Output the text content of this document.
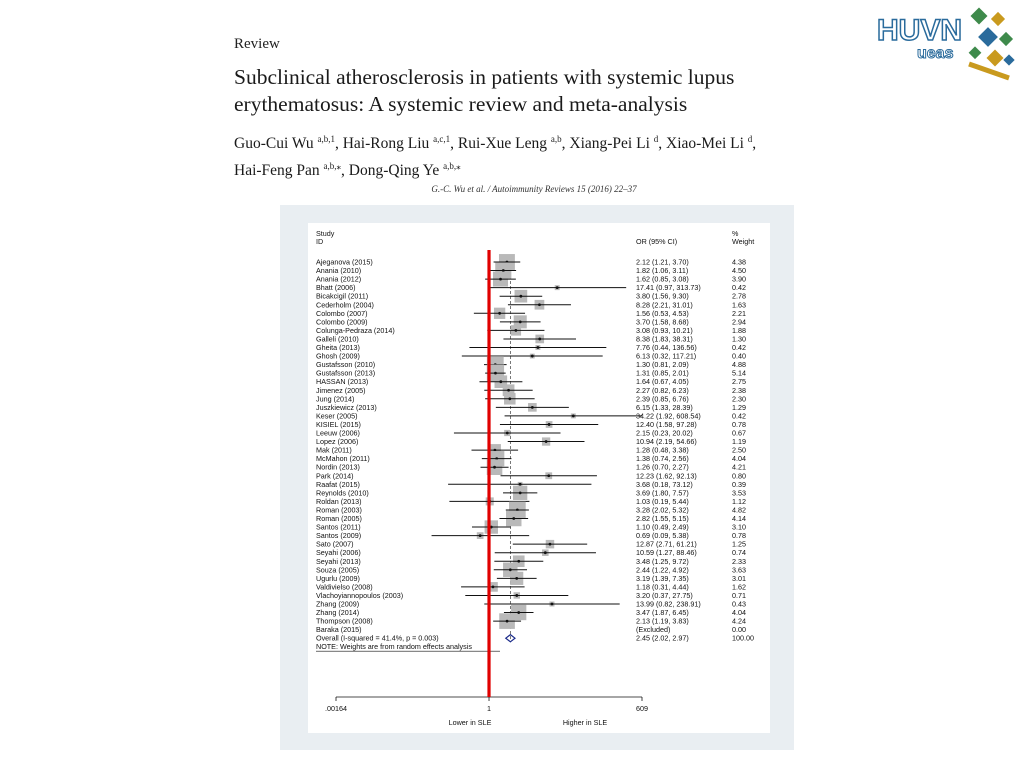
Review
Subclinical atherosclerosis in patients with systemic lupus erythematosus: A systemic review and meta-analysis
Guo-Cui Wu $^{a,b,1}$, Hai-Rong Liu $^{a,c,1}$, Rui-Xue Leng $^{a,b}$, Xiang-Pei Li $^d$, Xiao-Mei Li $^d$,
Hai-Feng Pan $^{a,b,⁎}$, Dong-Qing Ye $^{a,b,⁎}$
G.-C. Wu et al. / Autoimmunity Reviews 15 (2016) 22–37
HUVN
ueas
Study
ID	OR (95% CI)
%
Weight
Ajeganova (2015)	2.12 (1.21, 3.70)	4.38
Anania (2010)	1.82 (1.06, 3.11)	4.50
Anania (2012)	1.62 (0.85, 3.08)	3.90
Bhatt (2006)	17.41 (0.97, 313.73)	0.42
Bicakcigil (2011)	3.80 (1.56, 9.30)	2.78
Cederholm (2004)	8.28 (2.21, 31.01)	1.63
Colombo (2007)	1.56 (0.53, 4.53)	2.21
Colombo (2009)	3.70 (1.58, 8.68)	2.94
Colunga-Pedraza (2014)	3.08 (0.93, 10.21)	1.88
Galleli (2010)	8.38 (1.83, 38.31)	1.30
Gheita (2013)	7.76 (0.44, 136.56)	0.42
Ghosh (2009)	6.13 (0.32, 117.21)	0.40
Gustafsson (2010)	1.30 (0.81, 2.09)	4.88
Gustafsson (2013)	1.31 (0.85, 2.01)	5.14
HASSAN (2013)	1.64 (0.67, 4.05)	2.75
Jimenez (2005)	2.27 (0.82, 6.23)	2.38
Jung (2014)	2.39 (0.85, 6.76)	2.30
Juszkiewicz (2013)	6.15 (1.33, 28.39)	1.29
Keser (2005)	34.22 (1.92, 608.54)	0.42
KISIEL (2015)	12.40 (1.58, 97.28)	0.78
Leeuw (2006)	2.15 (0.23, 20.02)	0.67
Lopez (2006)	10.94 (2.19, 54.66)	1.19
Mak (2011)	1.28 (0.48, 3.38)	2.50
McMahon (2011)	1.38 (0.74, 2.56)	4.04
Nordin (2013)	1.26 (0.70, 2.27)	4.21
Park (2014)	12.23 (1.62, 92.13)	0.80
Raafat (2015)	3.68 (0.18, 73.12)	0.39
Reynolds (2010)	3.69 (1.80, 7.57)	3.53
Roldan (2013)	1.03 (0.19, 5.44)	1.12
Roman (2003)	3.28 (2.02, 5.32)	4.82
Roman (2005)	2.82 (1.55, 5.15)	4.14
Santos (2011)	1.10 (0.49, 2.49)	3.10
Santos (2009)	0.69 (0.09, 5.38)	0.78
Sato (2007)	12.87 (2.71, 61.21)	1.25
Seyahi (2006)	10.59 (1.27, 88.46)	0.74
Seyahi (2013)	3.48 (1.25, 9.72)	2.33
Souza (2005)	2.44 (1.22, 4.92)	3.63
Ugurlu (2009)	3.19 (1.39, 7.35)	3.01
Valdivielso (2008)	1.18 (0.31, 4.44)	1.62
Vlachoyiannopoulos (2003)	3.20 (0.37, 27.75)	0.71
Zhang (2009)	13.99 (0.82, 238.91)	0.43
Zhang (2014)	3.47 (1.87, 6.45)	4.04
Thompson (2008)	2.13 (1.19, 3.83)	4.24
Baraka (2015)	(Excluded)	0.00
Overall (I-squared = 41.4%, p = 0.003)	2.45 (2.02, 2.97)	100.00
NOTE: Weights are from random effects analysis
.00164	1	609
Lower in SLE	Higher in SLE
